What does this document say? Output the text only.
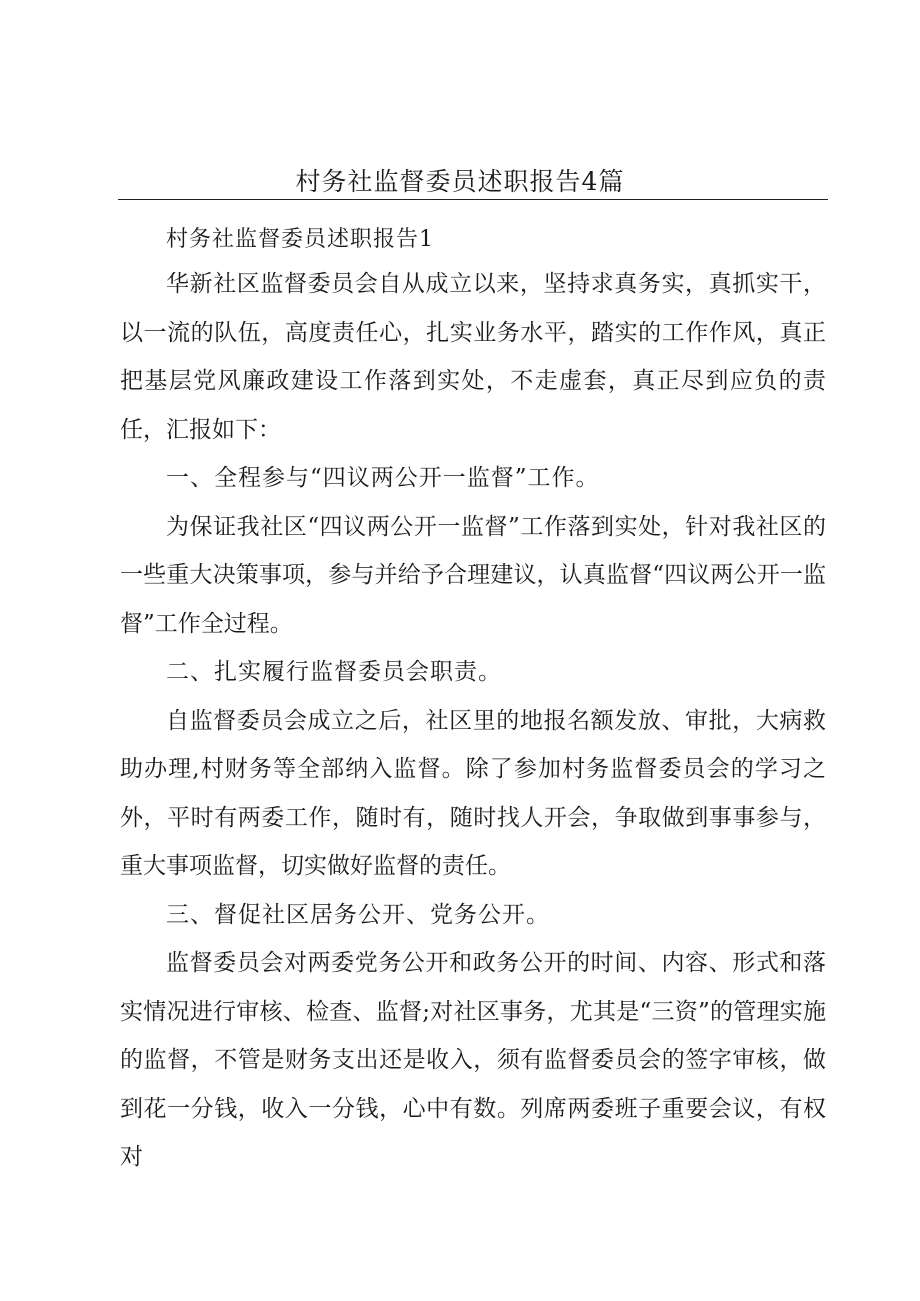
村务社监督委员述职报告4篇

村务社监督委员述职报告1

华新社区监督委员会自从成立以来，坚持求真务实，真抓实干，以一流的队伍，高度责任心，扎实业务水平，踏实的工作作风，真正把基层党风廉政建设工作落到实处，不走虚套，真正尽到应负的责任，汇报如下：

一、全程参与“四议两公开一监督”工作。

为保证我社区“四议两公开一监督”工作落到实处，针对我社区的一些重大决策事项，参与并给予合理建议，认真监督“四议两公开一监督”工作全过程。

二、扎实履行监督委员会职责。

自监督委员会成立之后，社区里的地报名额发放、审批，大病救助办理,村财务等全部纳入监督。除了参加村务监督委员会的学习之外，平时有两委工作，随时有，随时找人开会，争取做到事事参与，重大事项监督，切实做好监督的责任。

三、督促社区居务公开、党务公开。

监督委员会对两委党务公开和政务公开的时间、内容、形式和落实情况进行审核、检查、监督;对社区事务，尤其是“三资”的管理实施的监督，不管是财务支出还是收入，须有监督委员会的签字审核，做到花一分钱，收入一分钱，心中有数。列席两委班子重要会议，有权对
